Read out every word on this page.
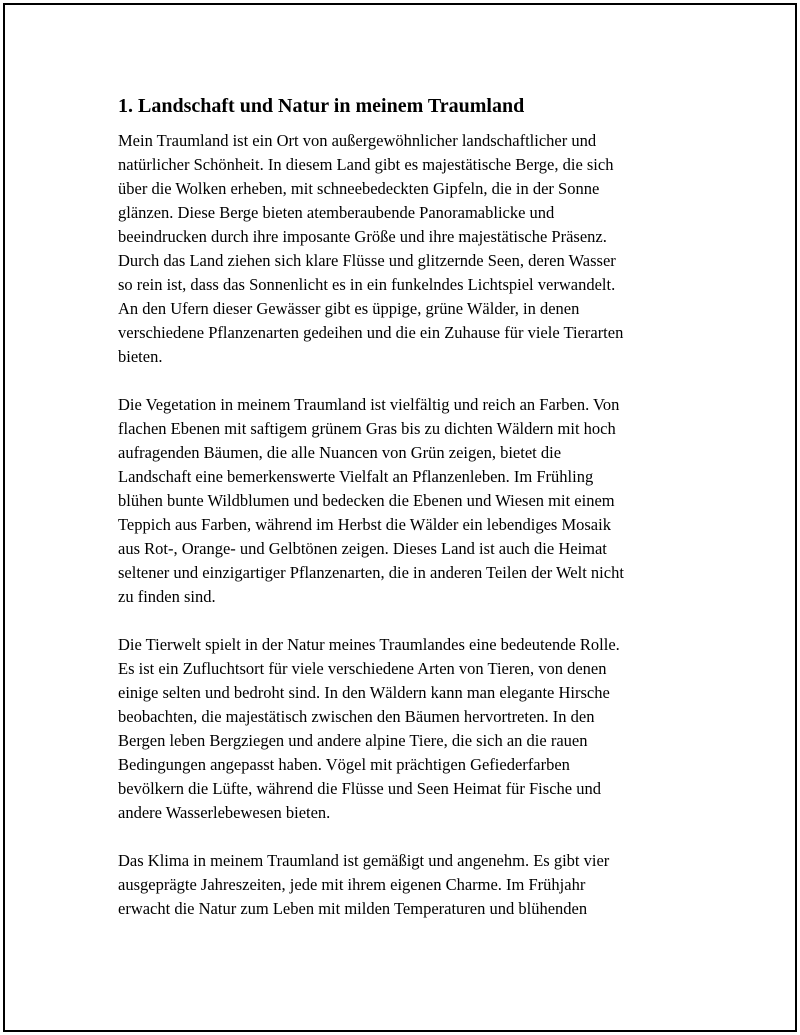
1. Landschaft und Natur in meinem Traumland

Mein Traumland ist ein Ort von außergewöhnlicher landschaftlicher und
natürlicher Schönheit. In diesem Land gibt es majestätische Berge, die sich
über die Wolken erheben, mit schneebedeckten Gipfeln, die in der Sonne
glänzen. Diese Berge bieten atemberaubende Panoramablicke und
beeindrucken durch ihre imposante Größe und ihre majestätische Präsenz.
Durch das Land ziehen sich klare Flüsse und glitzernde Seen, deren Wasser
so rein ist, dass das Sonnenlicht es in ein funkelndes Lichtspiel verwandelt.
An den Ufern dieser Gewässer gibt es üppige, grüne Wälder, in denen
verschiedene Pflanzenarten gedeihen und die ein Zuhause für viele Tierarten
bieten.

Die Vegetation in meinem Traumland ist vielfältig und reich an Farben. Von
flachen Ebenen mit saftigem grünem Gras bis zu dichten Wäldern mit hoch
aufragenden Bäumen, die alle Nuancen von Grün zeigen, bietet die
Landschaft eine bemerkenswerte Vielfalt an Pflanzenleben. Im Frühling
blühen bunte Wildblumen und bedecken die Ebenen und Wiesen mit einem
Teppich aus Farben, während im Herbst die Wälder ein lebendiges Mosaik
aus Rot-, Orange- und Gelbtönen zeigen. Dieses Land ist auch die Heimat
seltener und einzigartiger Pflanzenarten, die in anderen Teilen der Welt nicht
zu finden sind.

Die Tierwelt spielt in der Natur meines Traumlandes eine bedeutende Rolle.
Es ist ein Zufluchtsort für viele verschiedene Arten von Tieren, von denen
einige selten und bedroht sind. In den Wäldern kann man elegante Hirsche
beobachten, die majestätisch zwischen den Bäumen hervortreten. In den
Bergen leben Bergziegen und andere alpine Tiere, die sich an die rauen
Bedingungen angepasst haben. Vögel mit prächtigen Gefiederfarben
bevölkern die Lüfte, während die Flüsse und Seen Heimat für Fische und
andere Wasserlebewesen bieten.

Das Klima in meinem Traumland ist gemäßigt und angenehm. Es gibt vier
ausgeprägte Jahreszeiten, jede mit ihrem eigenen Charme. Im Frühjahr
erwacht die Natur zum Leben mit milden Temperaturen und blühenden
